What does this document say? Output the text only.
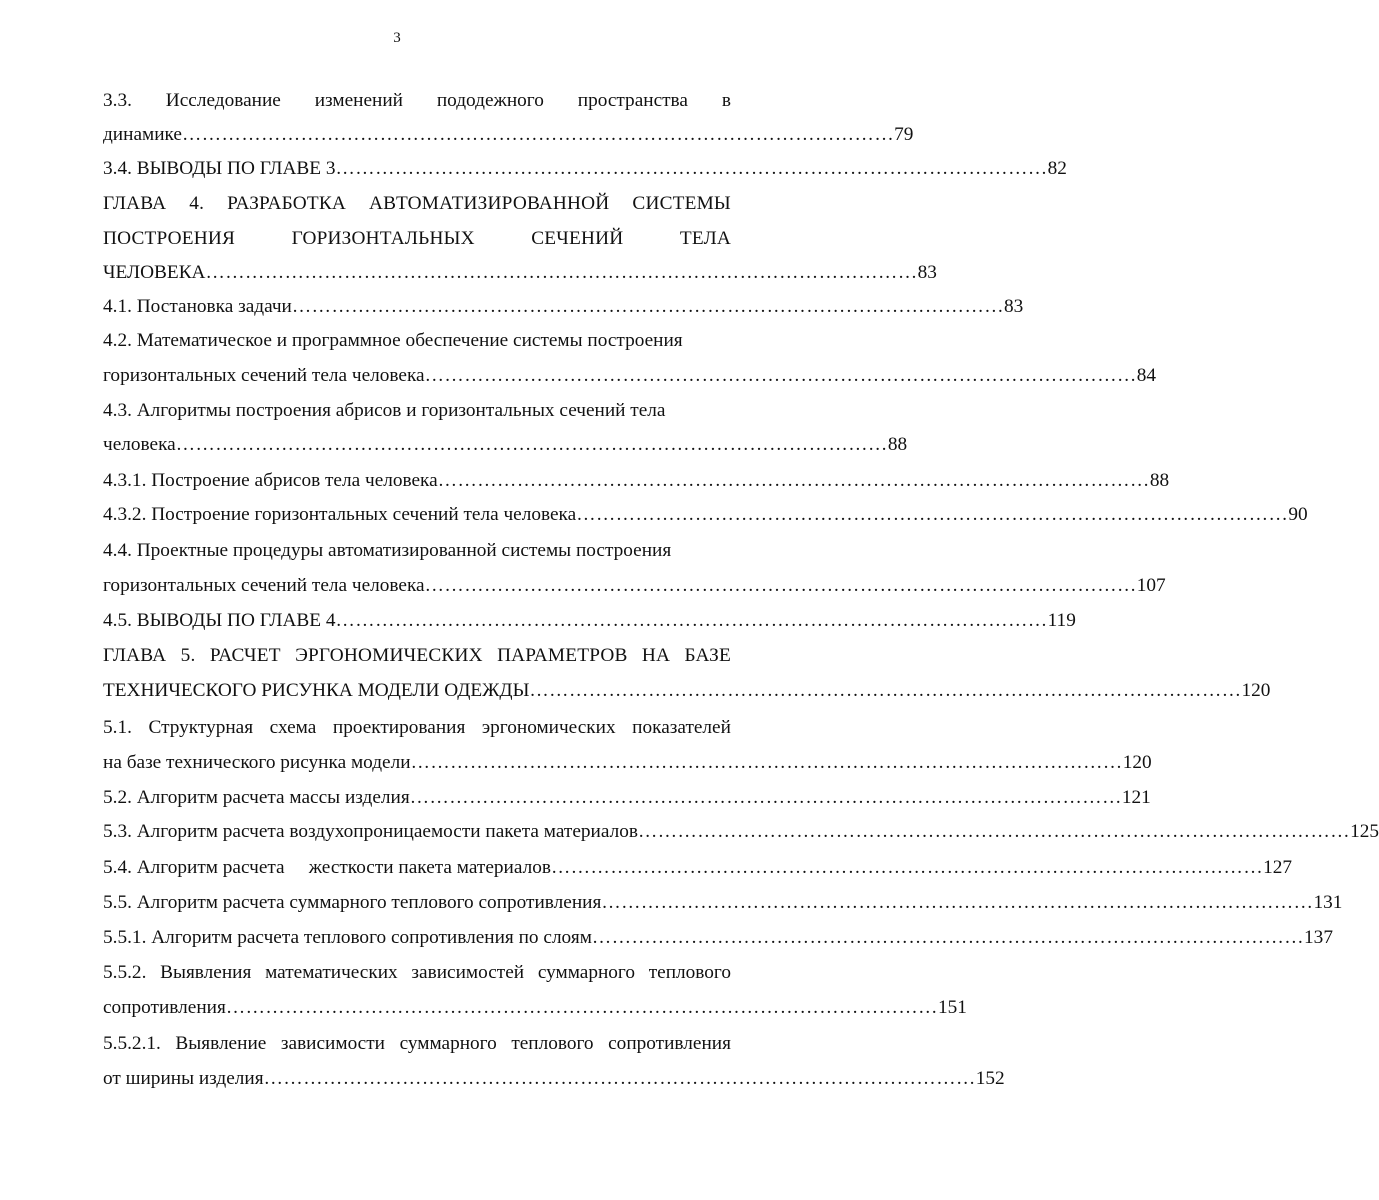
3
3.3. Исследование изменений пододежного пространства в
динамике ……………………………………………………………………………………………… 79
3.4. ВЫВОДЫ ПО ГЛАВЕ 3 ……………………………………………………………………………………………… 82
ГЛАВА 4. РАЗРАБОТКА АВТОМАТИЗИРОВАННОЙ СИСТЕМЫ
ПОСТРОЕНИЯ	ГОРИЗОНТАЛЬНЫХ	СЕЧЕНИЙ	ТЕЛА
ЧЕЛОВЕКА ……………………………………………………………………………………………… 83
4.1. Постановка задачи ……………………………………………………………………………………………… 83
4.2. Математическое и программное обеспечение системы построения
горизонтальных сечений тела человека ……………………………………………………………………………………………… 84
4.3. Алгоритмы построения абрисов и горизонтальных сечений тела
человека ……………………………………………………………………………………………… 88
4.3.1. Построение абрисов тела человека ……………………………………………………………………………………………… 88
4.3.2. Построение горизонтальных сечений тела человека ……………………………………………………………………………………………… 90
4.4. Проектные процедуры автоматизированной системы построения
горизонтальных сечений тела человека ……………………………………………………………………………………………… 107
4.5. ВЫВОДЫ ПО ГЛАВЕ 4 ……………………………………………………………………………………………… 119
ГЛАВА 5. РАСЧЕТ ЭРГОНОМИЧЕСКИХ ПАРАМЕТРОВ НА БАЗЕ
ТЕХНИЧЕСКОГО РИСУНКА МОДЕЛИ ОДЕЖДЫ ……………………………………………………………………………………………… 120
5.1. Структурная схема проектирования эргономических показателей
на базе технического рисунка модели ……………………………………………………………………………………………… 120
5.2. Алгоритм расчета массы изделия ……………………………………………………………………………………………… 121
5.3. Алгоритм расчета воздухопроницаемости пакета материалов ……………………………………………………………………………………………… 125
5.4. Алгоритм расчета     жесткости пакета материалов ……………………………………………………………………………………………… 127
5.5. Алгоритм расчета суммарного теплового сопротивления ……………………………………………………………………………………………… 131
5.5.1. Алгоритм расчета теплового сопротивления по слоям ……………………………………………………………………………………………… 137
5.5.2. Выявления математических зависимостей суммарного теплового
сопротивления ……………………………………………………………………………………………… 151
5.5.2.1. Выявление зависимости суммарного теплового сопротивления
от ширины изделия ……………………………………………………………………………………………… 152
